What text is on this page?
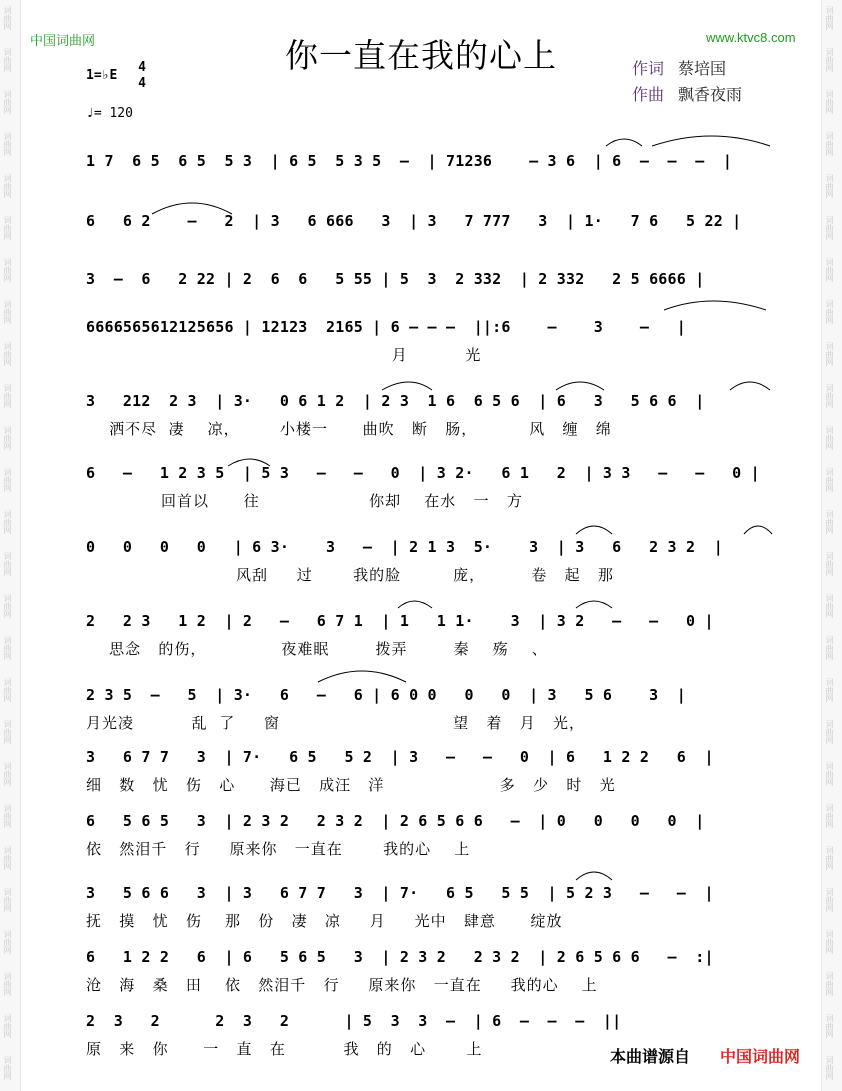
词曲网
词曲网
词曲网
词曲网
词曲网
词曲网
词曲网
词曲网
词曲网
词曲网
词曲网
词曲网
词曲网
词曲网
词曲网
词曲网
词曲网
词曲网
词曲网
词曲网
词曲网
词曲网
词曲网
词曲网
词曲网
词曲网
词曲网
词曲网
词曲网
词曲网
词曲网
词曲网
词曲网
词曲网
词曲网
词曲网
词曲网
词曲网
词曲网
词曲网
词曲网
词曲网
词曲网
词曲网
词曲网
词曲网
词曲网
词曲网
词曲网
词曲网
词曲网
词曲网
中国词曲网	www.ktvc8.com
你一直在我的心上	作词 蔡培国
作曲 飘香夜雨
1=♭E
4
4
♩= 120
1 7  6 5  6 5  5 3  | 6 5  5 3 5  –  | 71236    – 3 6  | 6  –  –  –  |
6   6 2    –   2  | 3   6 666   3  | 3   7 777   3  | 1·   7 6   5 22 |
3  –  6   2 22 | 2  6  6   5 55 | 5  3  2 332  | 2 332   2 5 6666 |
6666565612125656 | 12123  2165 | 6 – – –  ||:6    –    3    –   |
月          光
3   212  2 3  | 3·   0 6 1 2  | 2 3  1 6  6 5 6  | 6   3   5 6 6  |
洒不尽  凄    凉，       小楼一      曲吹   断   肠，         风   缠   绵
6   –   1 2 3 5  | 5 3   –   –   0  | 3 2·   6 1   2  | 3 3   –   –   0 |
回首以      往                   你却    在水   一   方
0   0   0   0   | 6 3·    3   –  | 2 1 3  5·    3  | 3   6   2 3 2  |
风刮     过       我的脸         庞，        卷   起   那
2   2 3   1 2  | 2   –   6 7 1  | 1   1 1·    3  | 3 2   –   –   0 |
思念   的伤，             夜难眠        拨弄        秦    殇    、
2 3 5  –   5  | 3·   6   –   6 | 6 0 0   0   0  | 3   5 6    3  |
月光凌          乱  了     窗                              望   着   月   光，
3   6 7 7   3  | 7·   6 5   5 2  | 3   –   –   0  | 6   1 2 2   6  |
细   数   忧   伤   心      海已   成汪   洋                    多   少   时   光
6   5 6 5   3  | 2 3 2   2 3 2  | 2 6 5 6 6   –  | 0   0   0   0  |
依   然泪千   行     原来你   一直在       我的心    上
3   5 6 6   3  | 3   6 7 7   3  | 7·   6 5   5 5  | 5 2 3   –   –  |
抚   摸   忧   伤    那   份   凄   凉     月     光中   肆意      绽放
6   1 2 2   6  | 6   5 6 5   3  | 2 3 2   2 3 2  | 2 6 5 6 6   –  :|
沧   海   桑   田    依   然泪千   行     原来你   一直在     我的心    上
2  3   2      2  3   2      | 5  3  3  –  | 6  –  –  –  ||
原   来   你      一   直   在          我   的   心       上	本曲谱源自 中国词曲网
